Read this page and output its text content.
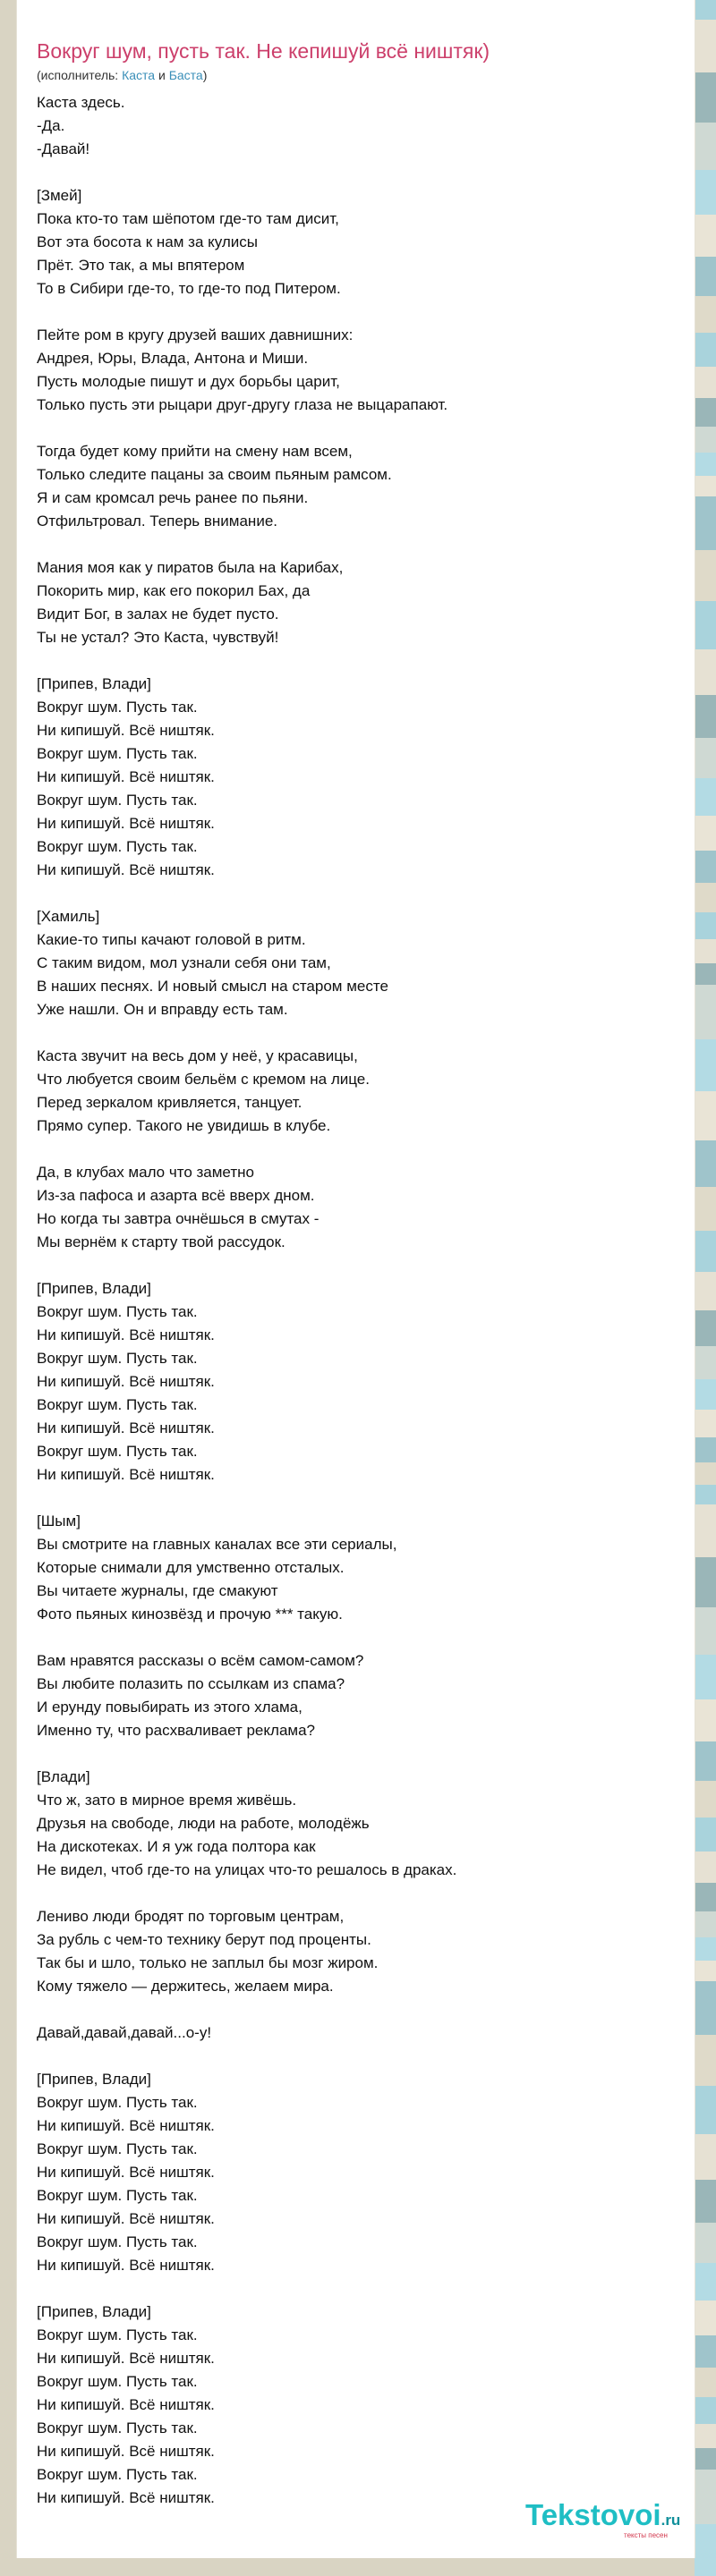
Вокруг шум, пусть так. Не кепишуй всё ништяк)
(исполнитель: Каста и Баста)
Каста здесь.
-Да.
-Давай!
[Змей]
Пока кто-то там шёпотом где-то там дисит,
Вот эта босота к нам за кулисы
Прёт. Это так, а мы впятером
То в Сибири где-то, то где-то под Питером.
Пейте ром в кругу друзей ваших давнишних:
Андрея, Юры, Влада, Антона и Миши.
Пусть молодые пишут и дух борьбы царит,
Только пусть эти рыцари друг-другу глаза не выцарапают.
Тогда будет кому прийти на смену нам всем,
Только следите пацаны за своим пьяным рамсом.
Я и сам кромсал речь ранее по пьяни.
Отфильтровал. Теперь внимание.
Мания моя как у пиратов была на Карибах,
Покорить мир, как его покорил Бах, да
Видит Бог, в залах не будет пусто.
Ты не устал? Это Каста, чувствуй!
[Припев, Влади]
Вокруг шум. Пусть так.
Ни кипишуй. Всё ништяк.
Вокруг шум. Пусть так.
Ни кипишуй. Всё ништяк.
Вокруг шум. Пусть так.
Ни кипишуй. Всё ништяк.
Вокруг шум. Пусть так.
Ни кипишуй. Всё ништяк.
[Хамиль]
Какие-то типы качают головой в ритм.
С таким видом, мол узнали себя они там,
В наших песнях. И новый смысл на старом месте
Уже нашли. Он и вправду есть там.
Каста звучит на весь дом у неё, у красавицы,
Что любуется своим бельём с кремом на лице.
Перед зеркалом кривляется, танцует.
Прямо супер. Такого не увидишь в клубе.
Да, в клубах мало что заметно
Из-за пафоса и азарта всё вверх дном.
Но когда ты завтра очнёшься в смутах -
Мы вернём к старту твой рассудок.
[Припев, Влади]
Вокруг шум. Пусть так.
Ни кипишуй. Всё ништяк.
Вокруг шум. Пусть так.
Ни кипишуй. Всё ништяк.
Вокруг шум. Пусть так.
Ни кипишуй. Всё ништяк.
Вокруг шум. Пусть так.
Ни кипишуй. Всё ништяк.
[Шым]
Вы смотрите на главных каналах все эти сериалы,
Которые снимали для умственно отсталых.
Вы читаете журналы, где смакуют
Фото пьяных кинозвёзд и прочую *** такую.
Вам нравятся рассказы о всём самом-самом?
Вы любите полазить по ссылкам из спама?
И ерунду повыбирать из этого хлама,
Именно ту, что расхваливает реклама?
[Влади]
Что ж, зато в мирное время живёшь.
Друзья на свободе, люди на работе, молодёжь
На дискотеках. И я уж года полтора как
Не видел, чтоб где-то на улицах что-то решалось в драках.
Лениво люди бродят по торговым центрам,
За рубль с чем-то технику берут под проценты.
Так бы и шло, только не заплыл бы мозг жиром.
Кому тяжело — держитесь, желаем мира.
Давай,давай,давай...о-у!
[Припев, Влади]
Вокруг шум. Пусть так.
Ни кипишуй. Всё ништяк.
Вокруг шум. Пусть так.
Ни кипишуй. Всё ништяк.
Вокруг шум. Пусть так.
Ни кипишуй. Всё ништяк.
Вокруг шум. Пусть так.
Ни кипишуй. Всё ништяк.
[Припев, Влади]
Вокруг шум. Пусть так.
Ни кипишуй. Всё ништяк.
Вокруг шум. Пусть так.
Ни кипишуй. Всё ништяк.
Вокруг шум. Пусть так.
Ни кипишуй. Всё ништяк.
Вокруг шум. Пусть так.
Ни кипишуй. Всё ништяк.
Tekstovoi.ru
тексты песен
